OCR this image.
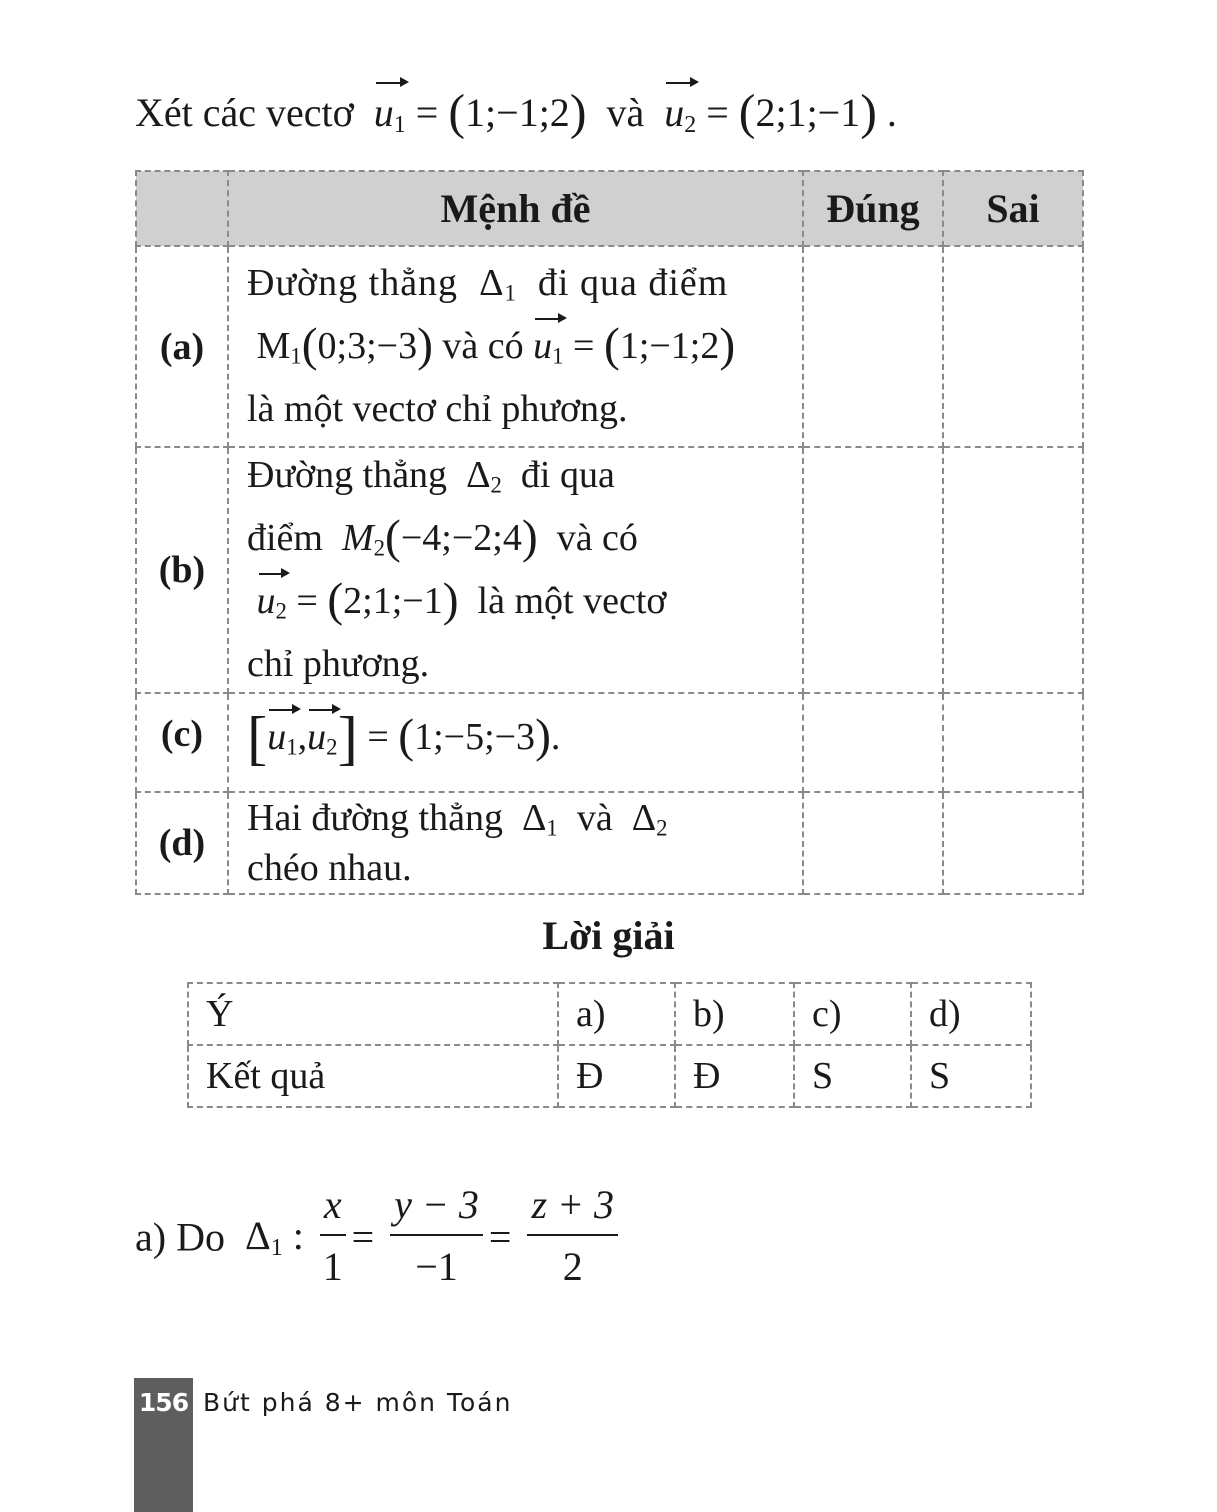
Xét các vectơ $u_1$ = (1;−1;2) và $u_2$ = (2;1;−1) .
	Mệnh đề	Đúng	Sai
(a)	Đường thẳng $\Delta_1$ đi qua điểm
$M_1(0;3;-3)$ và có $u_1$ = (1;−1;2)
là một vectơ chỉ phương.		

(b)	Đường thẳng $\Delta_2$ đi qua
điểm $M_2(-4;-2;4)$ và có
$u_2$ = (2;1;−1) là một vectơ
chỉ phương.		

(c)	$[u_1,u_2]$ = (1;−5;−3).		

(d)	Hai đường thẳng $\Delta_1$ và $\Delta_2$
chéo nhau.		

Lời giải
Ý	a)	b)	c)	d)
Kết quả	Đ	Đ	S	S
a) Do $\Delta_1$ : $\frac{x}{1} = \frac{y - 3}{-1} = \frac{z + 3}{2}$
156 Bứt phá 8+ môn Toán
